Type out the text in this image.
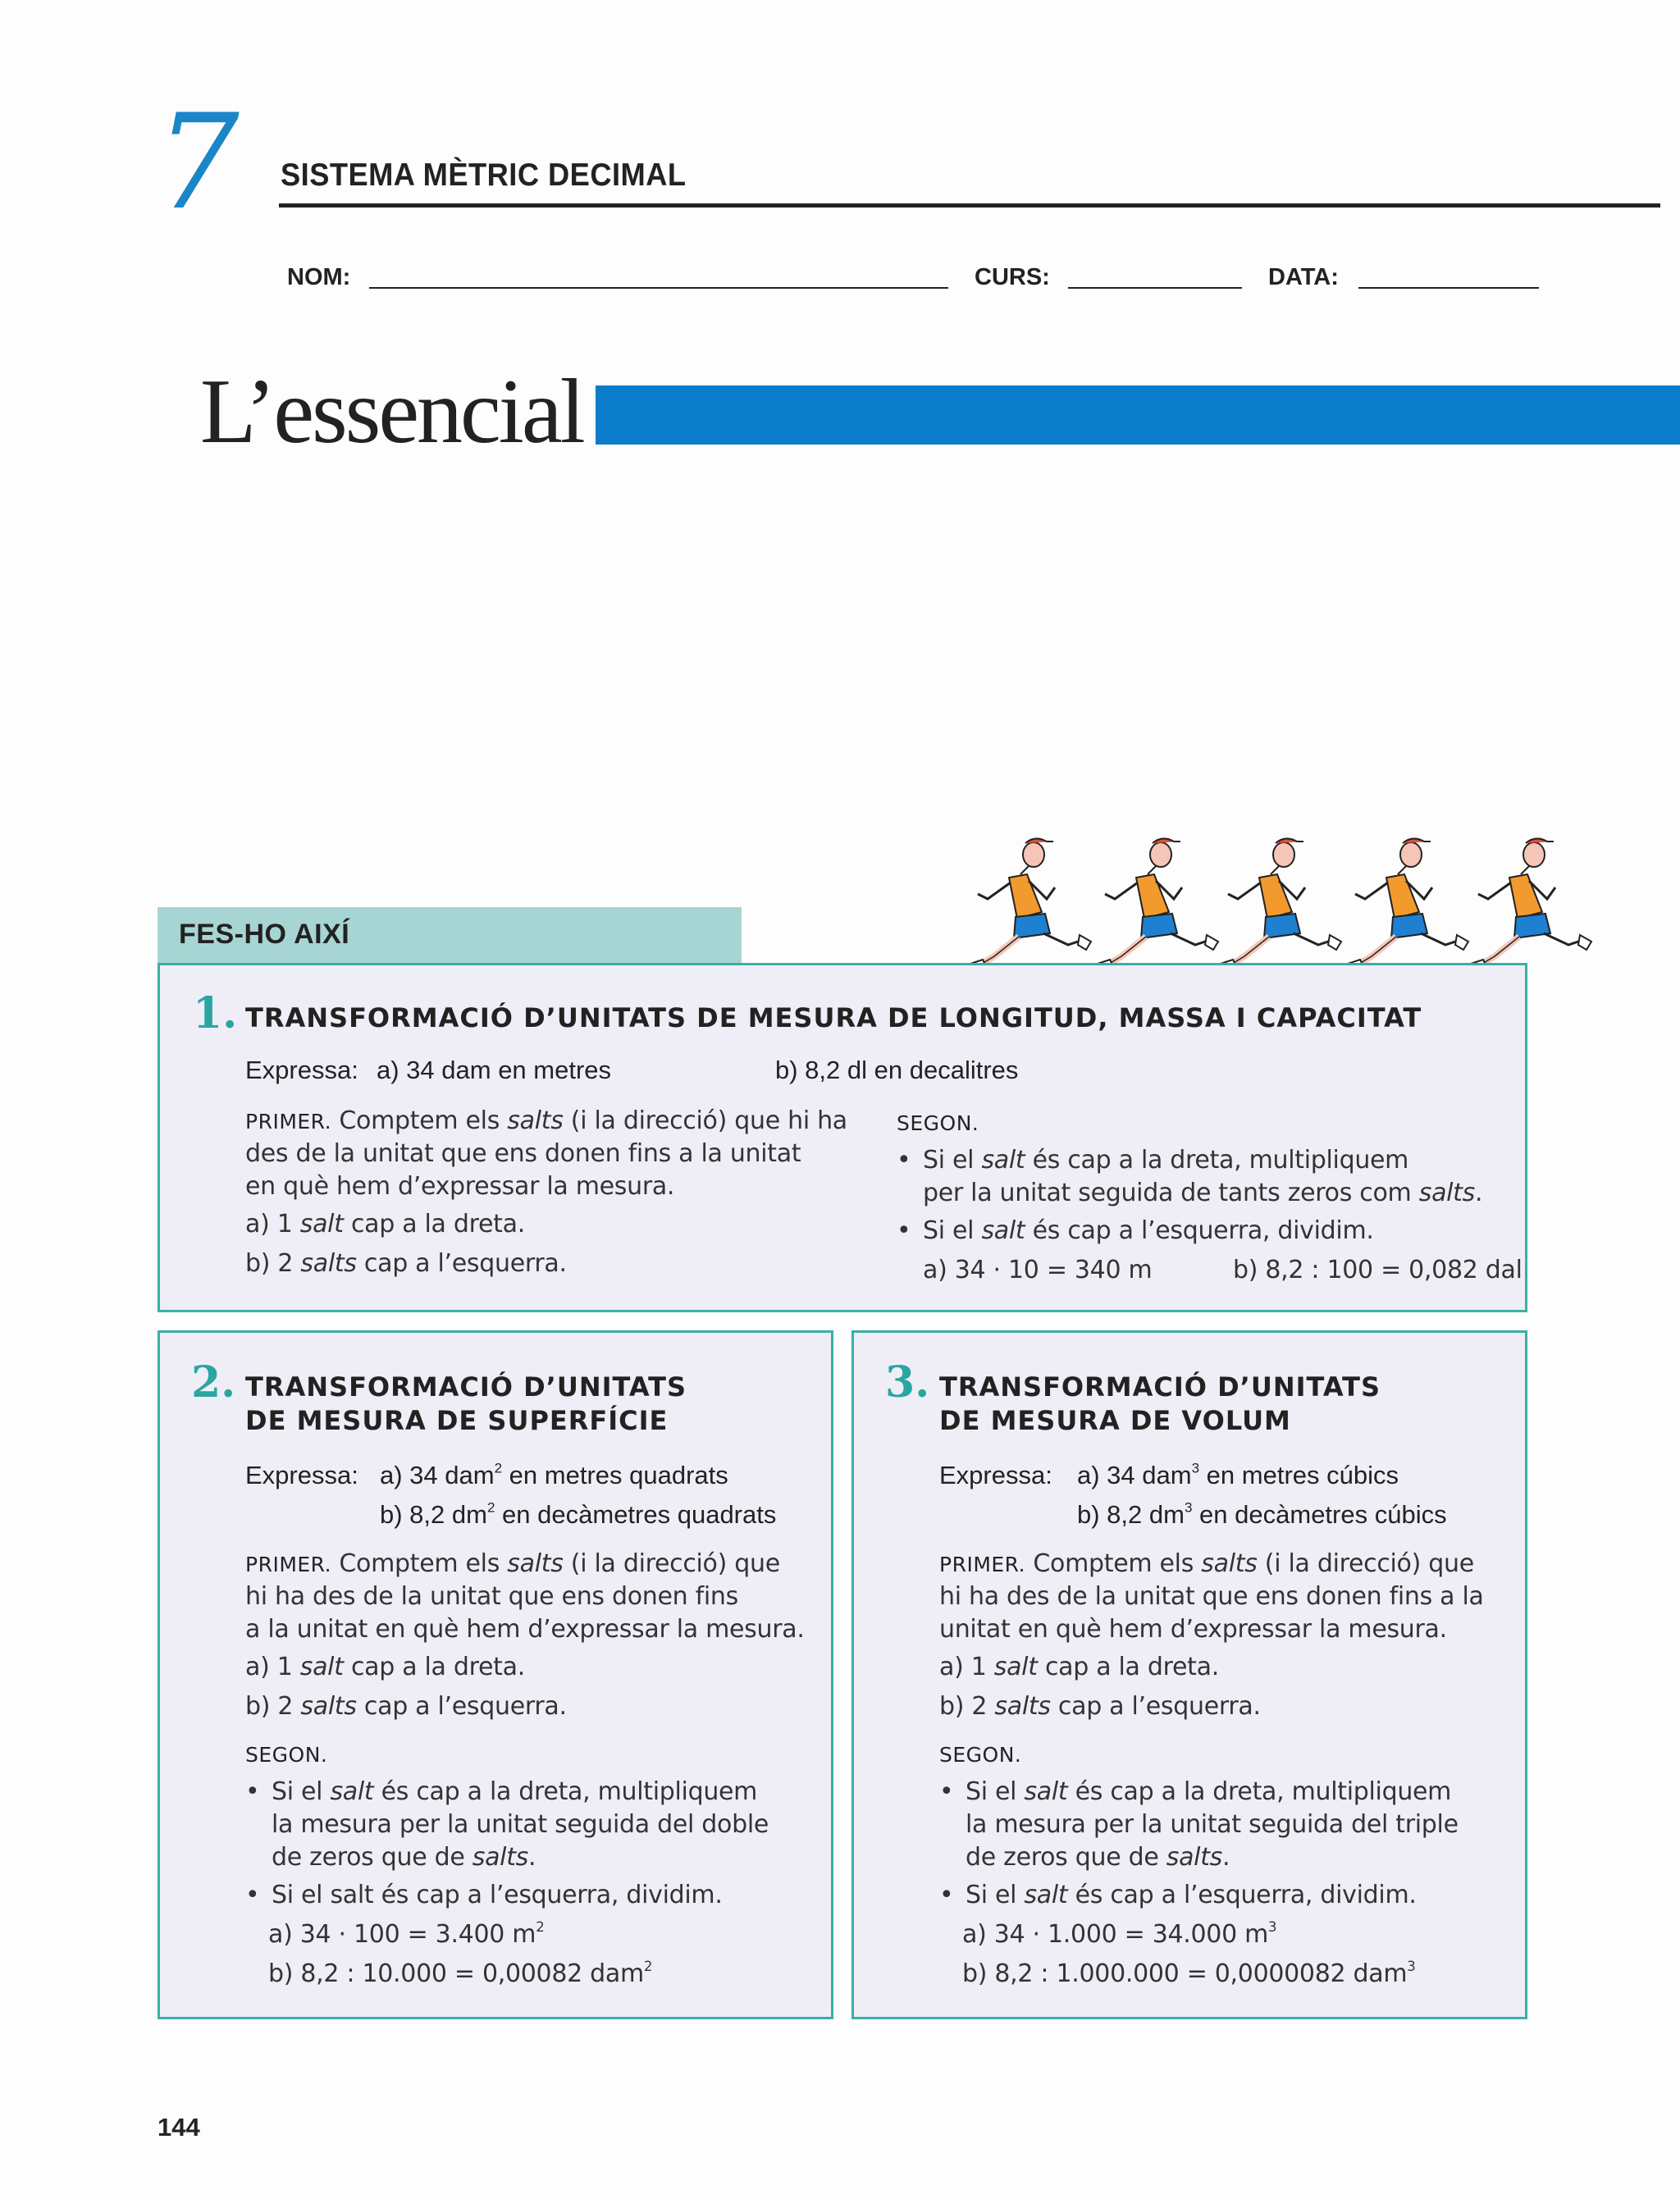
7 SISTEMA MÈTRIC DECIMAL
NOM:	CURS:	DATA:
L’essencial
FES-HO AIXÍ
1. TRANSFORMACIÓ D’UNITATS DE MESURA DE LONGITUD, MASSA I CAPACITAT
Expressa: a) 34 dam en metres	b) 8,2 dl en decalitres
PRIMER. Comptem els salts (i la direcció) que hi ha
des de la unitat que ens donen fins a la unitat
en què hem d’expressar la mesura.
a) 1 salt cap a la dreta.
b) 2 salts cap a l’esquerra.
SEGON.
• Si el salt és cap a la dreta, multipliquem
per la unitat seguida de tants zeros com salts.
• Si el salt és cap a l’esquerra, dividim.
a) 34 · 10 = 340 m	b) 8,2 : 100 = 0,082 dal
2. TRANSFORMACIÓ D’UNITATS
DE MESURA DE SUPERFÍCIE
Expressa: a) 34 dam$^2$ en metres quadrats
b) 8,2 $dm^2$ en decàmetres quadrats
PRIMER. Comptem els salts (i la direcció) que
hi ha des de la unitat que ens donen fins
a la unitat en què hem d’expressar la mesura.
a) 1 salt cap a la dreta.
b) 2 salts cap a l’esquerra.
SEGON.
• Si el salt és cap a la dreta, multipliquem
la mesura per la unitat seguida del doble
de zeros que de salts.
• Si el salt és cap a l’esquerra, dividim.
a) 34 · 100 = 3.400 $m^2$
b) 8,2 : 10.000 = 0,00082 dam$^2$
3. TRANSFORMACIÓ D’UNITATS
DE MESURA DE VOLUM
Expressa: a) 34 dam$^3$ en metres cúbics
b) 8,2 $dm^3$ en decàmetres cúbics
PRIMER. Comptem els salts (i la direcció) que
hi ha des de la unitat que ens donen fins a la
unitat en què hem d’expressar la mesura.
a) 1 salt cap a la dreta.
b) 2 salts cap a l’esquerra.
SEGON.
• Si el salt és cap a la dreta, multipliquem
la mesura per la unitat seguida del triple
de zeros que de salts.
• Si el salt és cap a l’esquerra, dividim.
a) 34 · 1.000 = 34.000 $m^3$
b) 8,2 : 1.000.000 = 0,0000082 dam$^3$
144
